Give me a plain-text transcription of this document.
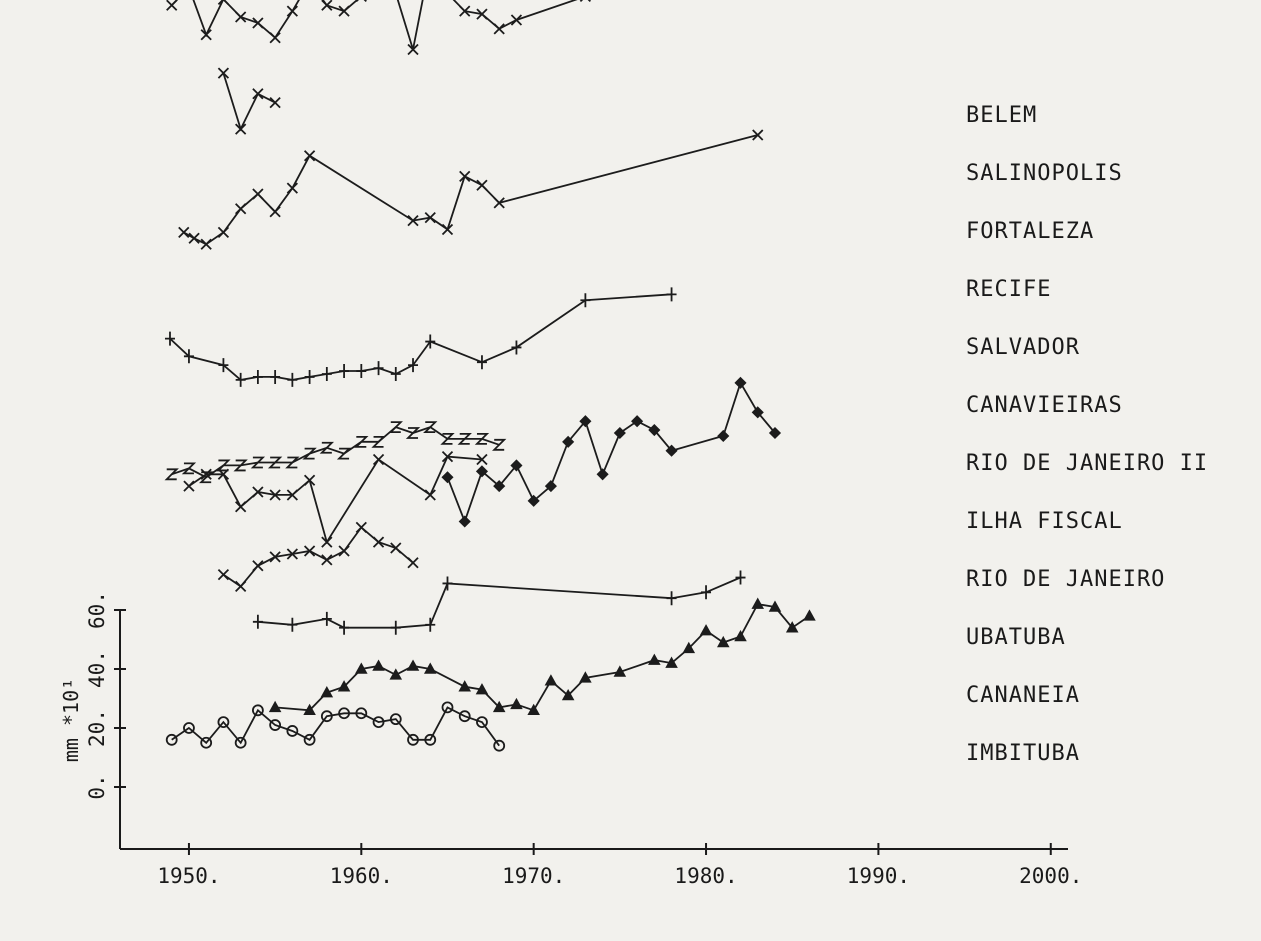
1950.	1960.	1970.	1980.	1990.	2000.
0.
20.
40.
60.
mm *10¹
BELEM
SALINOPOLIS
FORTALEZA
RECIFE
SALVADOR
CANAVIEIRAS
RIO DE JANEIRO II
ILHA FISCAL
RIO DE JANEIRO
UBATUBA
CANANEIA
IMBITUBA
